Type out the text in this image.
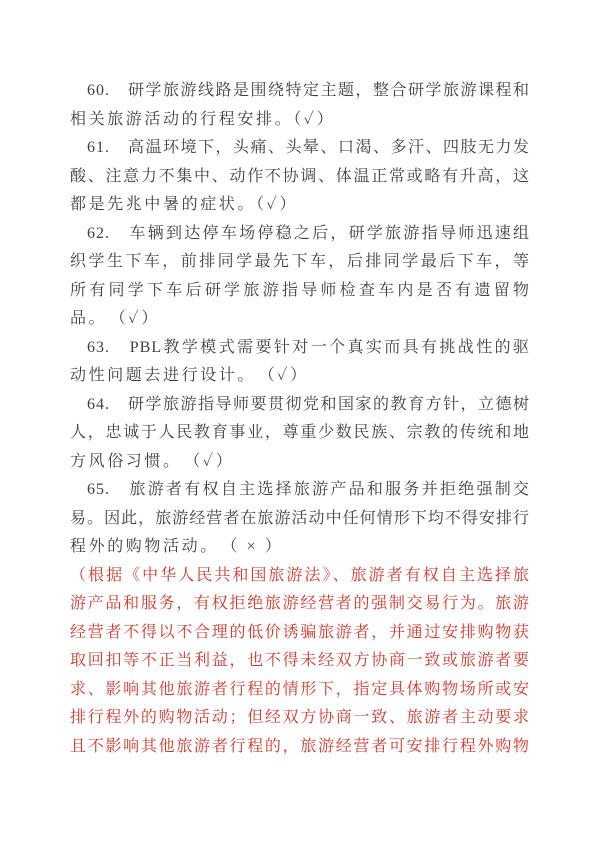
60.　研学旅游线路是围绕特定主题，整合研学旅游课程和
相关旅游活动的行程安排。（✓）
61.　高温环境下，头痛、头晕、口渴、多汗、四肢无力发
酸、注意力不集中、动作不协调、体温正常或略有升高，这
都是先兆中暑的症状。（✓）
62.　车辆到达停车场停稳之后，研学旅游指导师迅速组
织学生下车，前排同学最先下车，后排同学最后下车，等
所有同学下车后研学旅游指导师检查车内是否有遗留物
品。　（✓）
63.　PBL教学模式需要针对一个真实而具有挑战性的驱
动性问题去进行设计。　（✓）
64.　研学旅游指导师要贯彻党和国家的教育方针，立德树
人，忠诚于人民教育事业，尊重少数民族、宗教的传统和地
方风俗习惯。　（✓）
65.　旅游者有权自主选择旅游产品和服务并拒绝强制交
易。因此，旅游经营者在旅游活动中任何情形下均不得安排行
程外的购物活动。　（ × ）
（根据《中华人民共和国旅游法》、旅游者有权自主选择旅
游产品和服务，有权拒绝旅游经营者的强制交易行为。旅游
经营者不得以不合理的低价诱骗旅游者，并通过安排购物获
取回扣等不正当利益，也不得未经双方协商一致或旅游者要
求、影响其他旅游者行程的情形下，指定具体购物场所或安
排行程外的购物活动；但经双方协商一致、旅游者主动要求
且不影响其他旅游者行程的，旅游经营者可安排行程外购物
